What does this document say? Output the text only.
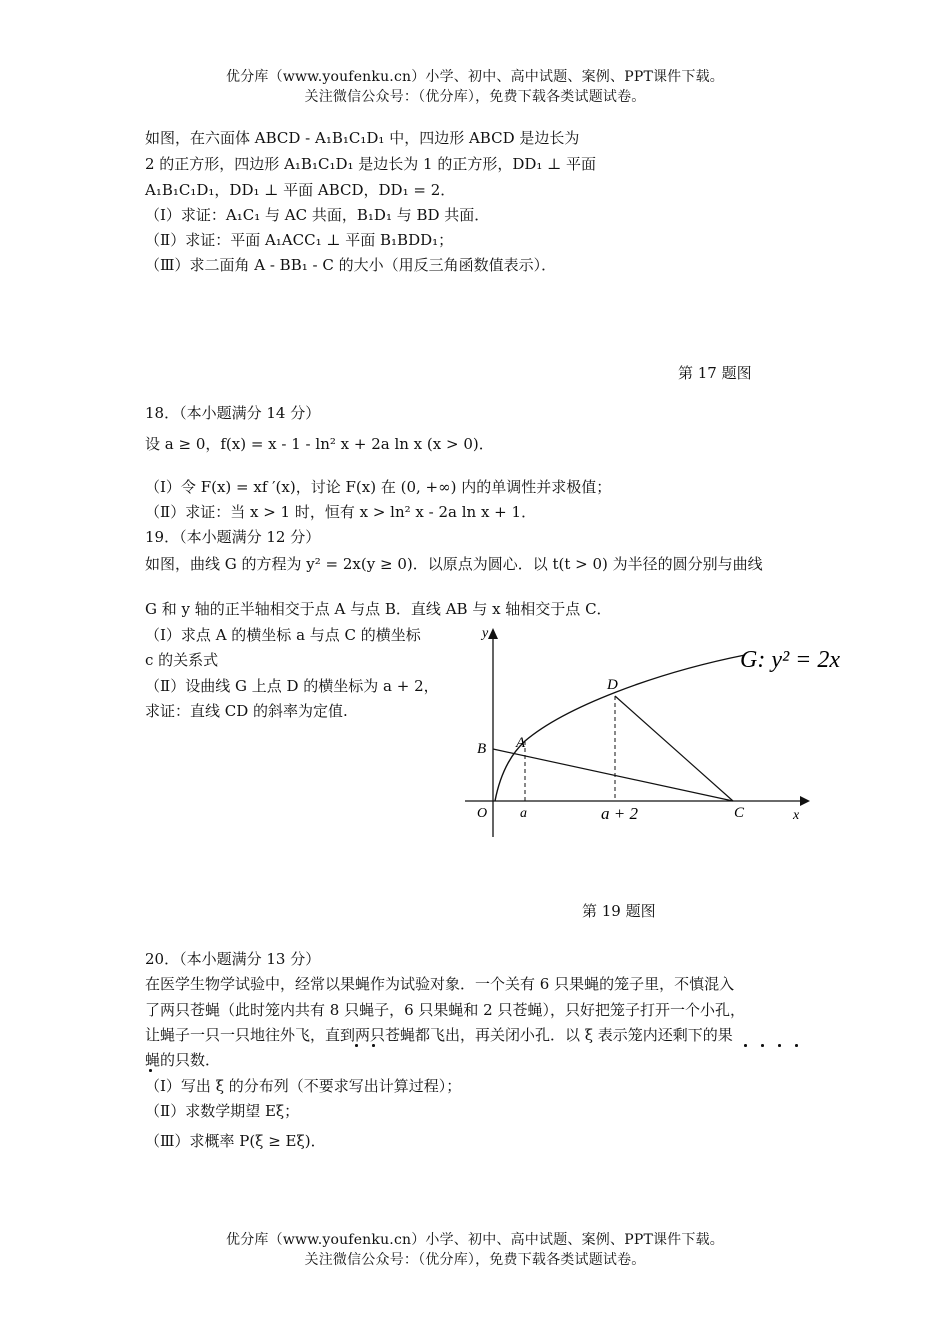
优分库（www.youfenku.cn）小学、初中、高中试题、案例、PPT课件下载。
关注微信公众号：（优分库），免费下载各类试题试卷。
如图，在六面体 ABCD - A₁B₁C₁D₁ 中，四边形 ABCD 是边长为
2 的正方形，四边形 A₁B₁C₁D₁ 是边长为 1 的正方形，DD₁ ⊥ 平面
A₁B₁C₁D₁，DD₁ ⊥ 平面 ABCD，DD₁ = 2．
（Ⅰ）求证：A₁C₁ 与 AC 共面，B₁D₁ 与 BD 共面．
（Ⅱ）求证：平面 A₁ACC₁ ⊥ 平面 B₁BDD₁；
（Ⅲ）求二面角 A - BB₁ - C 的大小（用反三角函数值表示）．
第 17 题图
18．（本小题满分 14 分）
设 a ≥ 0，f(x) = x - 1 - ln² x + 2a ln x (x > 0)．
（Ⅰ）令 F(x) = xf ′(x)，讨论 F(x) 在 (0, +∞) 内的单调性并求极值；
（Ⅱ）求证：当 x > 1 时，恒有 x > ln² x - 2a ln x + 1．
19．（本小题满分 12 分）
如图，曲线 G 的方程为 y² = 2x(y ≥ 0)．以原点为圆心．以 t(t > 0) 为半径的圆分别与曲线
G 和 y 轴的正半轴相交于点 A 与点 B．直线 AB 与 x 轴相交于点 C．
（Ⅰ）求点 A 的横坐标 a 与点 C 的横坐标
c 的关系式
（Ⅱ）设曲线 G 上点 D 的横坐标为 a + 2，
求证：直线 CD 的斜率为定值.
G: y² = 2x
y
x
O
A
B
C
D
a	a + 2
第 19 题图
20．（本小题满分 13 分）
在医学生物学试验中，经常以果蝇作为试验对象．一个关有 6 只果蝇的笼子里，不慎混入
了两只苍蝇（此时笼内共有 8 只蝇子，6 只果蝇和 2 只苍蝇），只好把笼子打开一个小孔，
让蝇子一只一只地往外飞，直到两只苍蝇都飞出，再关闭小孔．以 ξ 表示笼内还剩下的果
蝇的只数．
（Ⅰ）写出 ξ 的分布列（不要求写出计算过程）；
（Ⅱ）求数学期望 Eξ；
（Ⅲ）求概率 P(ξ ≥ Eξ)．
优分库（www.youfenku.cn）小学、初中、高中试题、案例、PPT课件下载。
关注微信公众号：（优分库），免费下载各类试题试卷。
